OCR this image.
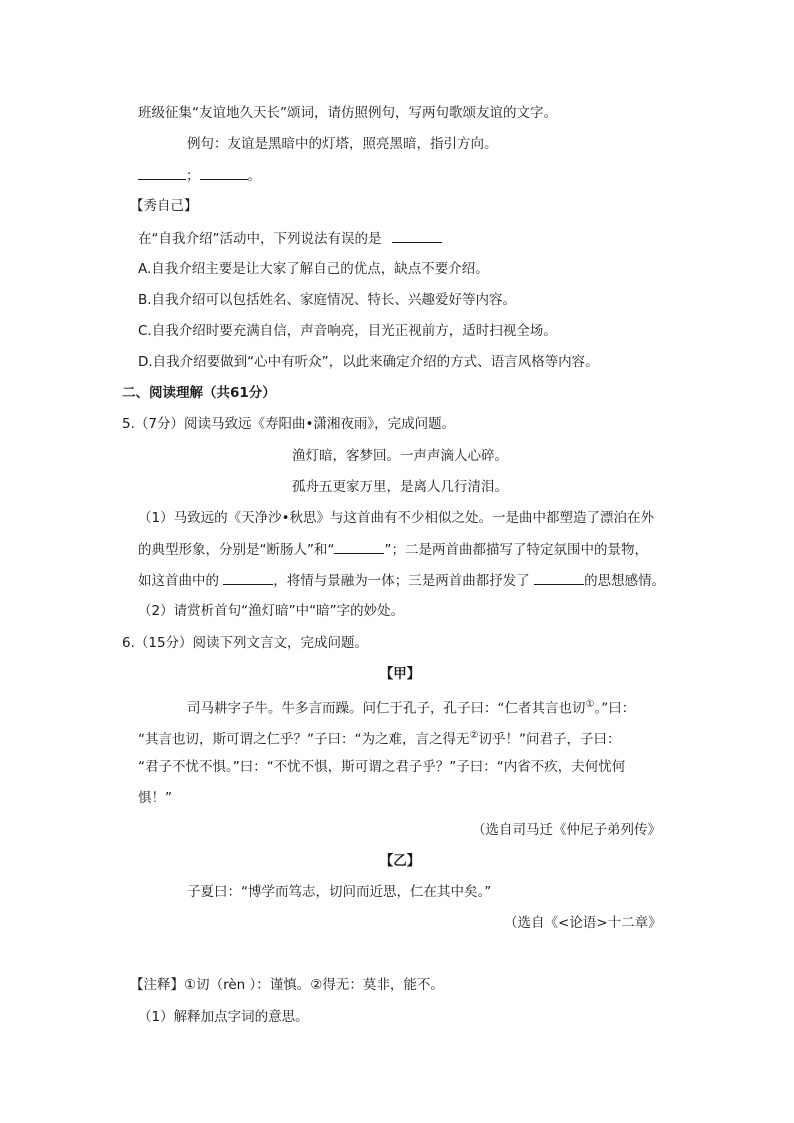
班级征集“友谊地久天长”颂词，请仿照例句，写两句歌颂友谊的文字。
例句：友谊是黑暗中的灯塔，照亮黑暗，指引方向。
；	。
【秀自己】
在“自我介绍”活动中，下列说法有误的是
A.自我介绍主要是让大家了解自己的优点，缺点不要介绍。
B.自我介绍可以包括姓名、家庭情况、特长、兴趣爱好等内容。
C.自我介绍时要充满自信，声音响亮，目光正视前方，适时扫视全场。
D.自我介绍要做到“心中有听众”，以此来确定介绍的方式、语言风格等内容。
二、阅读理解（共61分）
5.（7分）阅读马致远《寿阳曲•潇湘夜雨》，完成问题。
渔灯暗，客梦回。一声声滴人心碎。
孤舟五更家万里，是离人几行清泪。
（1）马致远的《天净沙•秋思》与这首曲有不少相似之处。一是曲中都塑造了漂泊在外
的典型形象，分别是“断肠人”和“	”；二是两首曲都描写了特定氛围中的景物，
如这首曲中的	，将情与景融为一体；三是两首曲都抒发了	的思想感情。
（2）请赏析首句“渔灯暗”中“暗”字的妙处。
6.（15分）阅读下列文言文，完成问题。
【甲】
司马耕字子牛。牛多言而躁。问仁于孔子，孔子曰：“仁者其言也讱①。”曰：
“其言也讱，斯可谓之仁乎？”子曰：“为之难，言之得无②讱乎！”问君子，子曰：
“君子不忧不惧。”曰：“不忧不惧，斯可谓之君子乎？”子曰：“内省不疚，夫何忧何
惧！”
（选自司马迁《仲尼子弟列传》
【乙】
子夏曰：“博学而笃志，切问而近思，仁在其中矣。”
（选自《<论语>十二章》
【注释】①讱（rèn ）：谨慎。②得无：莫非，能不。
（1）解释加点字词的意思。
